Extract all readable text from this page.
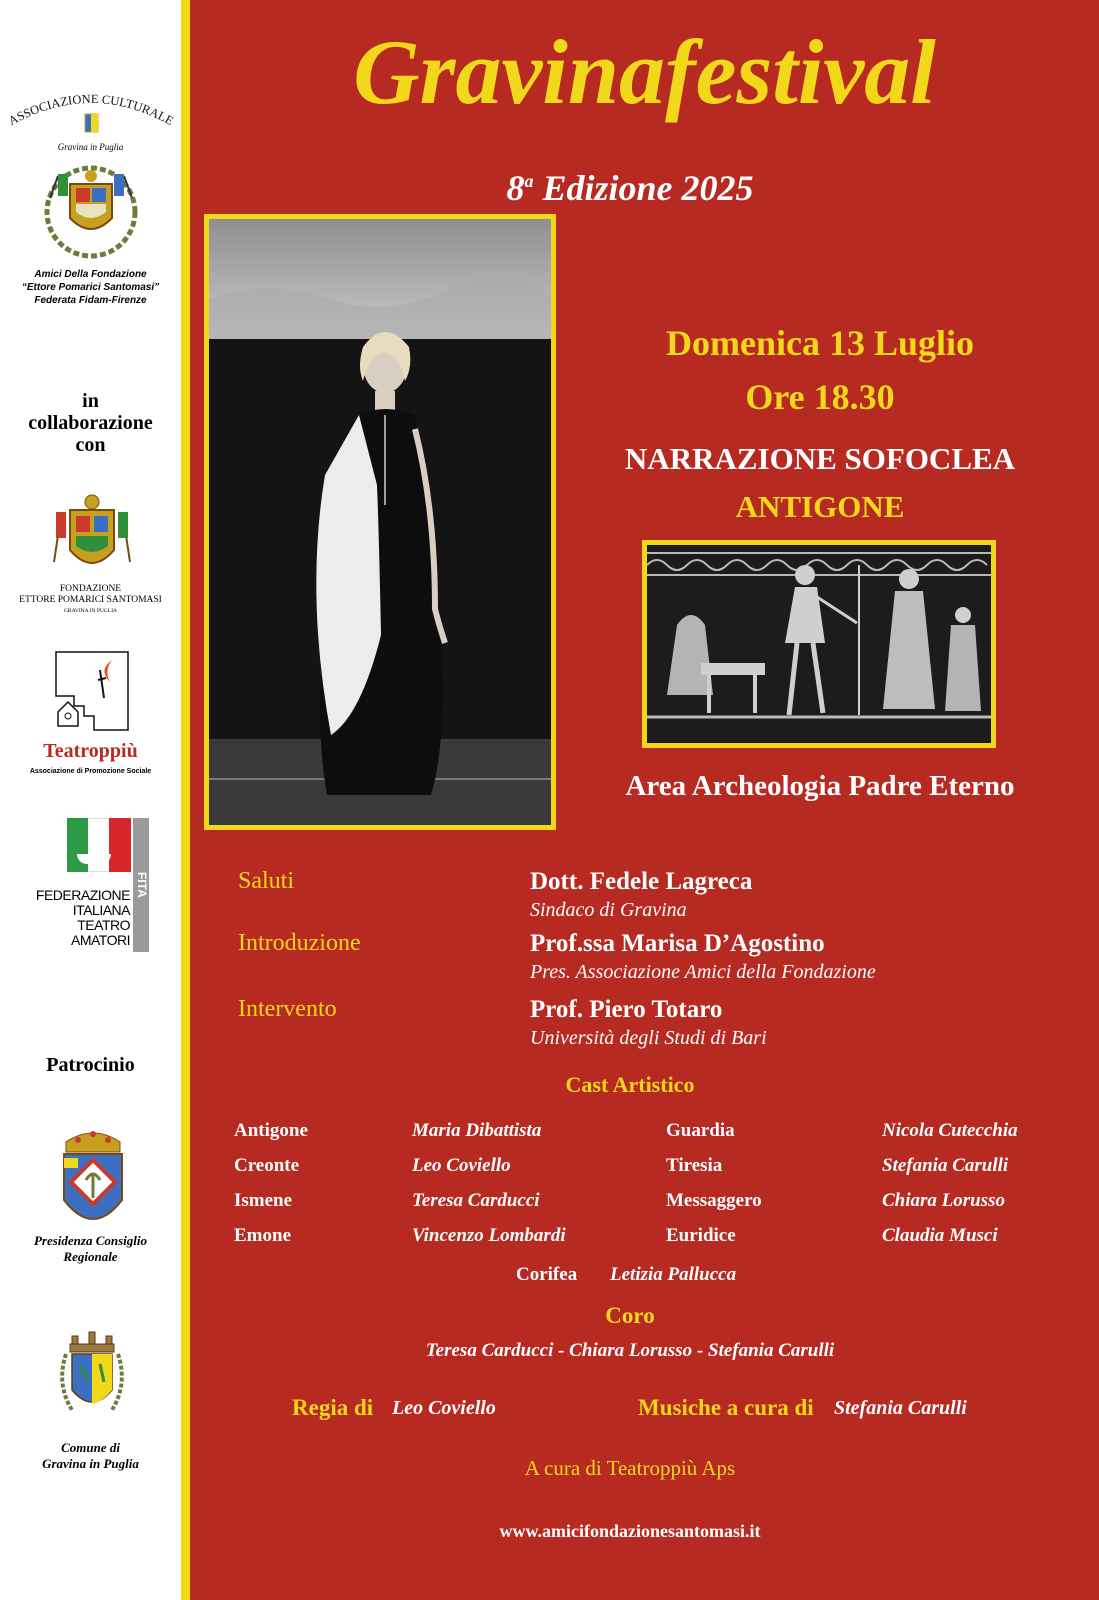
ASSOCIAZIONE CULTURALE
Gravina in Puglia
Amici Della Fondazione
“Ettore Pomarici Santomasi”
Federata Fidam-Firenze
in
collaborazione
con
FONDAZIONE
ETTORE POMARICI SANTOMASI
GRAVINA IN PUGLIA
Teatroppiù
Associazione di Promozione Sociale
FITA
FEDERAZIONE
ITALIANA
TEATRO
AMATORI
Patrocinio
Presidenza Consiglio
Regionale
Comune di
Gravina in Puglia
Gravinafestival
8$^a$ Edizione 2025
Domenica 13 Luglio
Ore 18.30
NARRAZIONE SOFOCLEA
ANTIGONE
Area Archeologia Padre Eterno
Saluti	Dott. Fedele Lagreca
Sindaco di Gravina
Introduzione	Prof.ssa Marisa D’Agostino
Pres. Associazione Amici della Fondazione
Intervento	Prof. Piero Totaro
Università degli Studi di Bari
Cast Artistico
Antigone	Maria Dibattista	Guardia	Nicola Cutecchia
Creonte	Leo Coviello	Tiresia	Stefania Carulli
Ismene	Teresa Carducci	Messaggero	Chiara Lorusso
Emone	Vincenzo Lombardi	Euridice	Claudia Musci
Corifea Letizia Pallucca
Coro
Teresa Carducci - Chiara Lorusso - Stefania Carulli
Regia di Leo Coviello	Musiche a cura di Stefania Carulli
A cura di Teatroppiù Aps
www.amicifondazionesantomasi.it
